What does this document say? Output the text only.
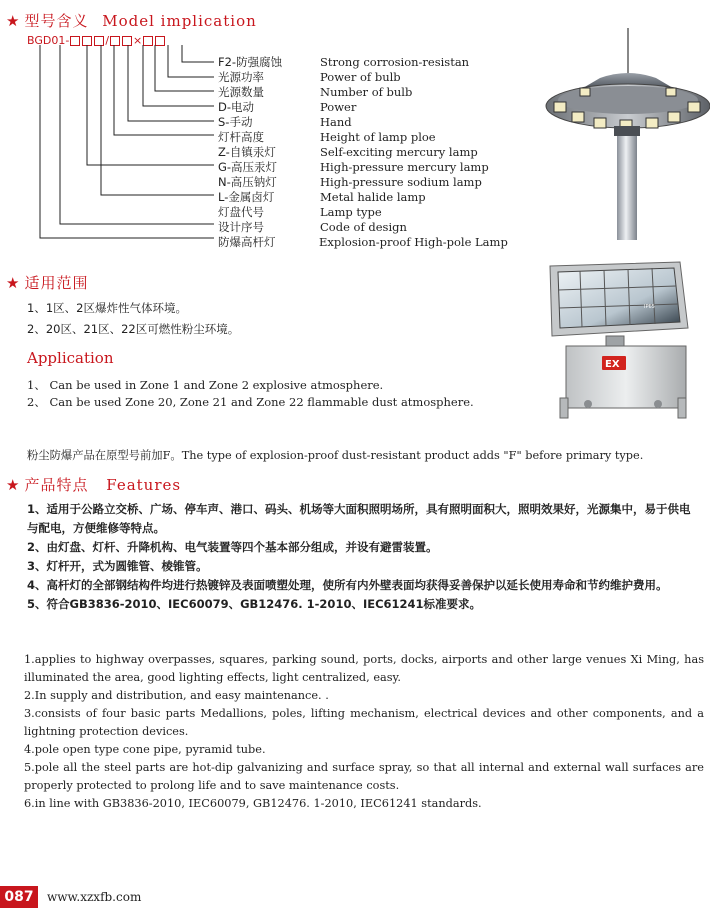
★ 型号含义 Model implication
BGD01-	/ ×
F2-防强腐蚀
光源功率
光源数量
D-电动
S-手动
灯杆高度
Z-自镇汞灯
G-高压汞灯
N-高压钠灯
L-金属卤灯
灯盘代号
设计序号
防爆高杆灯
Strong corrosion-resistan
Power of bulb
Number of bulb
Power
Hand
Height of lamp ploe
Self-exciting mercury lamp
High-pressure mercury lamp
High-pressure sodium lamp
Metal halide lamp
Lamp type
Code of design
Explosion-proof High-pole Lamp
★ 适用范围
1、1区、2区爆炸性气体环境。
2、20区、21区、22区可燃性粉尘环境。
Application
1、 Can be used in Zone 1 and Zone 2 explosive atmosphere.
2、 Can be used Zone 20, Zone 21 and Zone 22 flammable dust atmosphere.
IP65
EX
粉尘防爆产品在原型号前加F。The type of explosion-proof dust-resistant product adds "F" before primary type.
★ 产品特点 Features
1、适用于公路立交桥、广场、停车声、港口、码头、机场等大面积照明场所，具有照明面积大，照明效果好，光源集中，易于供电与配电，方便维修等特点。
2、由灯盘、灯杆、升降机构、电气装置等四个基本部分组成，并设有避雷装置。
3、灯杆开，式为圆锥管、棱锥管。
4、高杆灯的全部钢结构件均进行热镀锌及表面喷塑处理，使所有内外壁表面均获得妥善保护以延长使用寿命和节约维护费用。
5、符合GB3836-2010、IEC60079、GB12476. 1-2010、IEC61241标准要求。
1.applies to highway overpasses, squares, parking sound, ports, docks, airports and other large venues Xi Ming, has illuminated the area, good lighting effects, light centralized, easy.
2.In supply and distribution, and easy maintenance. .
3.consists of four basic parts Medallions, poles, lifting mechanism, electrical devices and other components, and a lightning protection devices.
4.pole open type cone pipe, pyramid tube.
5.pole all the steel parts are hot-dip galvanizing and surface spray, so that all internal and external wall surfaces are properly protected to prolong life and to save maintenance costs.
6.in line with GB3836-2010, IEC60079, GB12476. 1-2010, IEC61241 standards.
087	www.xzxfb.com
